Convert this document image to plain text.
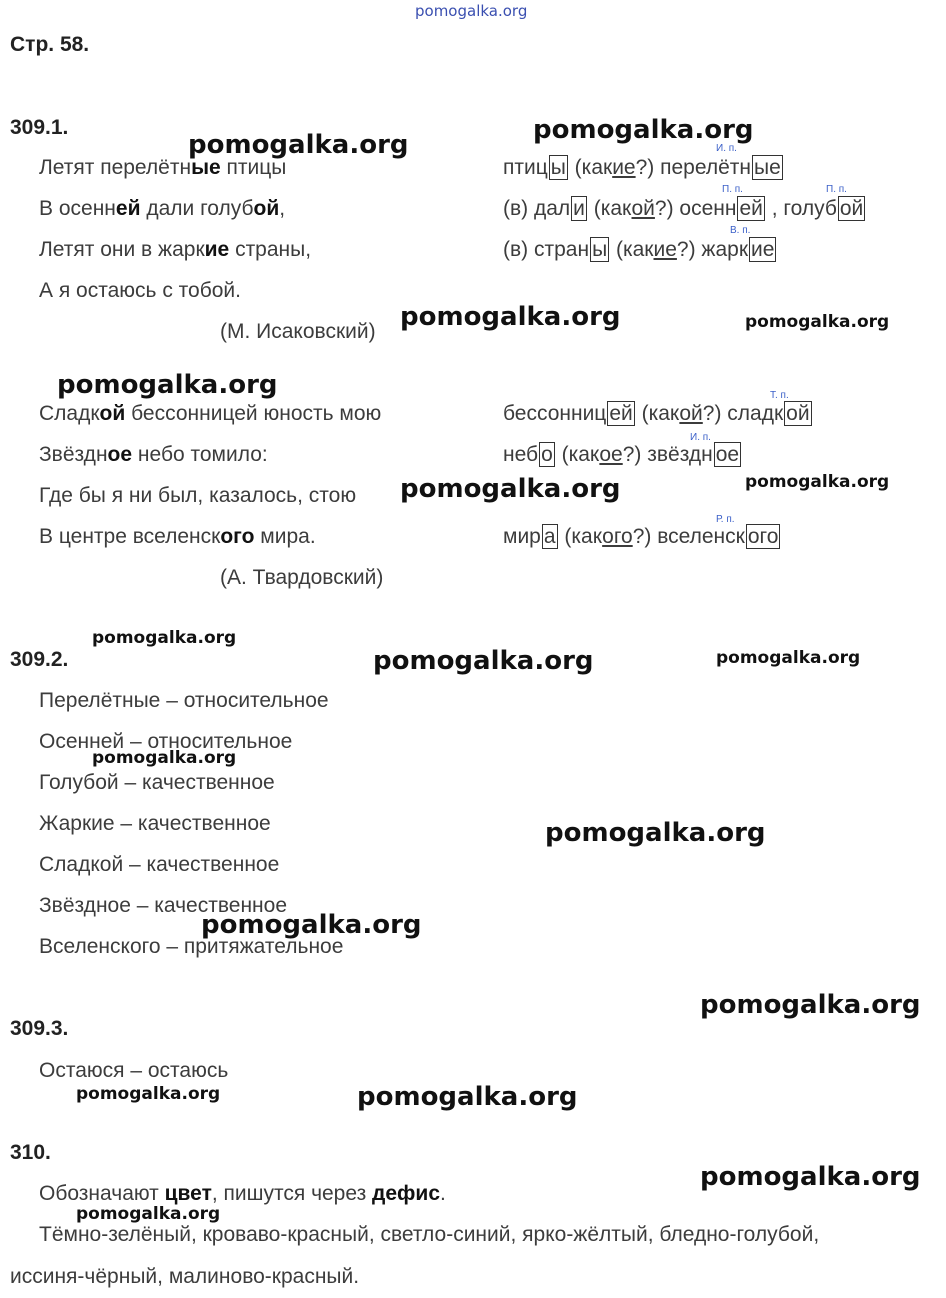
pomogalka.org
Стр. 58.
309.1.
Летят перелётные птицы
В осенней дали голубой,
Летят они в жаркие страны,
А я остаюсь с тобой.
(М. Исаковский)
И. п.
птиц ы (какие?) перелётн ые
П. п.	П. п.
(в) дал и (какой?) осенн ей , голуб ой
В. п.
(в) стран ы (какие?) жарк ие
Сладкой бессонницей юность мою
Звёздное небо томило:
Где бы я ни был, казалось, стою
В центре вселенского мира.
(А. Твардовский)
Т. п.
бессонниц ей (какой?) сладк ой
И. п.
неб о (какое?) звёздн ое
Р. п.
мир а (какого?) вселенск ого
309.2.
Перелётные – относительное
Осенней – относительное
Голубой – качественное
Жаркие – качественное
Сладкой – качественное
Звёздное – качественное
Вселенского – притяжательное
309.3.
Остаюся – остаюсь
310.
Обозначают цвет, пишутся через дефис.
Тёмно-зелёный, кроваво-красный, светло-синий, ярко-жёлтый, бледно-голубой,
иссиня-чёрный, малиново-красный.
pomogalka.org	pomogalka.org
pomogalka.org	pomogalka.org
pomogalka.org
pomogalka.org	pomogalka.org
pomogalka.org
pomogalka.org	pomogalka.org
pomogalka.org
pomogalka.org
pomogalka.org
pomogalka.org
pomogalka.org	pomogalka.org
pomogalka.org
pomogalka.org
